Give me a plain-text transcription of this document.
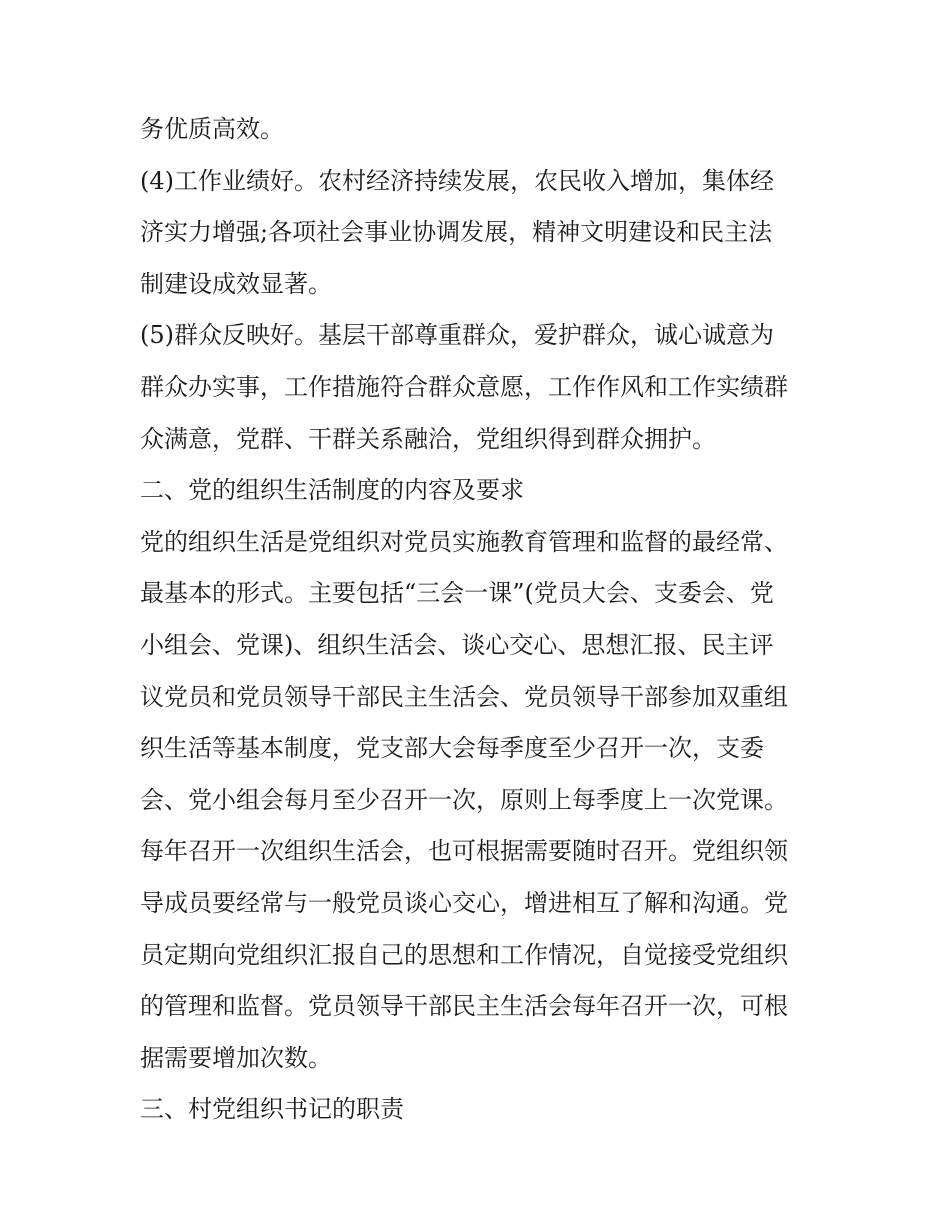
务优质高效。
(4)工作业绩好。农村经济持续发展，农民收入增加，集体经
济实力增强;各项社会事业协调发展，精神文明建设和民主法
制建设成效显著。
(5)群众反映好。基层干部尊重群众，爱护群众，诚心诚意为
群众办实事，工作措施符合群众意愿，工作作风和工作实绩群
众满意，党群、干群关系融洽，党组织得到群众拥护。
二、党的组织生活制度的内容及要求
党的组织生活是党组织对党员实施教育管理和监督的最经常、
最基本的形式。主要包括“三会一课”(党员大会、支委会、党
小组会、党课)、组织生活会、谈心交心、思想汇报、民主评
议党员和党员领导干部民主生活会、党员领导干部参加双重组
织生活等基本制度，党支部大会每季度至少召开一次，支委
会、党小组会每月至少召开一次，原则上每季度上一次党课。
每年召开一次组织生活会，也可根据需要随时召开。党组织领
导成员要经常与一般党员谈心交心，增进相互了解和沟通。党
员定期向党组织汇报自己的思想和工作情况，自觉接受党组织
的管理和监督。党员领导干部民主生活会每年召开一次，可根
据需要增加次数。
三、村党组织书记的职责
